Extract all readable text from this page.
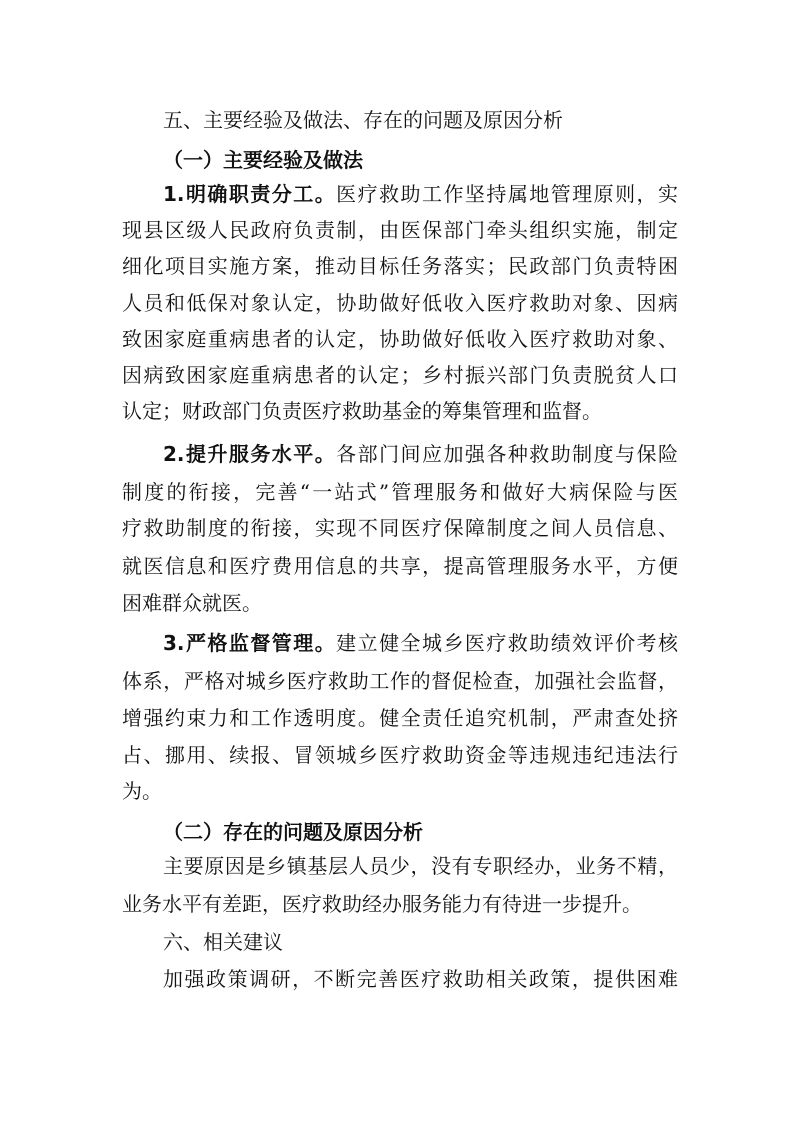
五、主要经验及做法、存在的问题及原因分析
（一）主要经验及做法
1.明确职责分工。医疗救助工作坚持属地管理原则，实
现县区级人民政府负责制，由医保部门牵头组织实施，制定
细化项目实施方案，推动目标任务落实；民政部门负责特困
人员和低保对象认定，协助做好低收入医疗救助对象、因病
致困家庭重病患者的认定，协助做好低收入医疗救助对象、
因病致困家庭重病患者的认定；乡村振兴部门负责脱贫人口
认定；财政部门负责医疗救助基金的筹集管理和监督。
2.提升服务水平。各部门间应加强各种救助制度与保险
制度的衔接，完善“一站式”管理服务和做好大病保险与医
疗救助制度的衔接，实现不同医疗保障制度之间人员信息、
就医信息和医疗费用信息的共享，提高管理服务水平，方便
困难群众就医。
3.严格监督管理。建立健全城乡医疗救助绩效评价考核
体系，严格对城乡医疗救助工作的督促检查，加强社会监督，
增强约束力和工作透明度。健全责任追究机制，严肃查处挤
占、挪用、续报、冒领城乡医疗救助资金等违规违纪违法行
为。
（二）存在的问题及原因分析
主要原因是乡镇基层人员少，没有专职经办，业务不精，
业务水平有差距，医疗救助经办服务能力有待进一步提升。
六、相关建议
加强政策调研，不断完善医疗救助相关政策，提供困难
